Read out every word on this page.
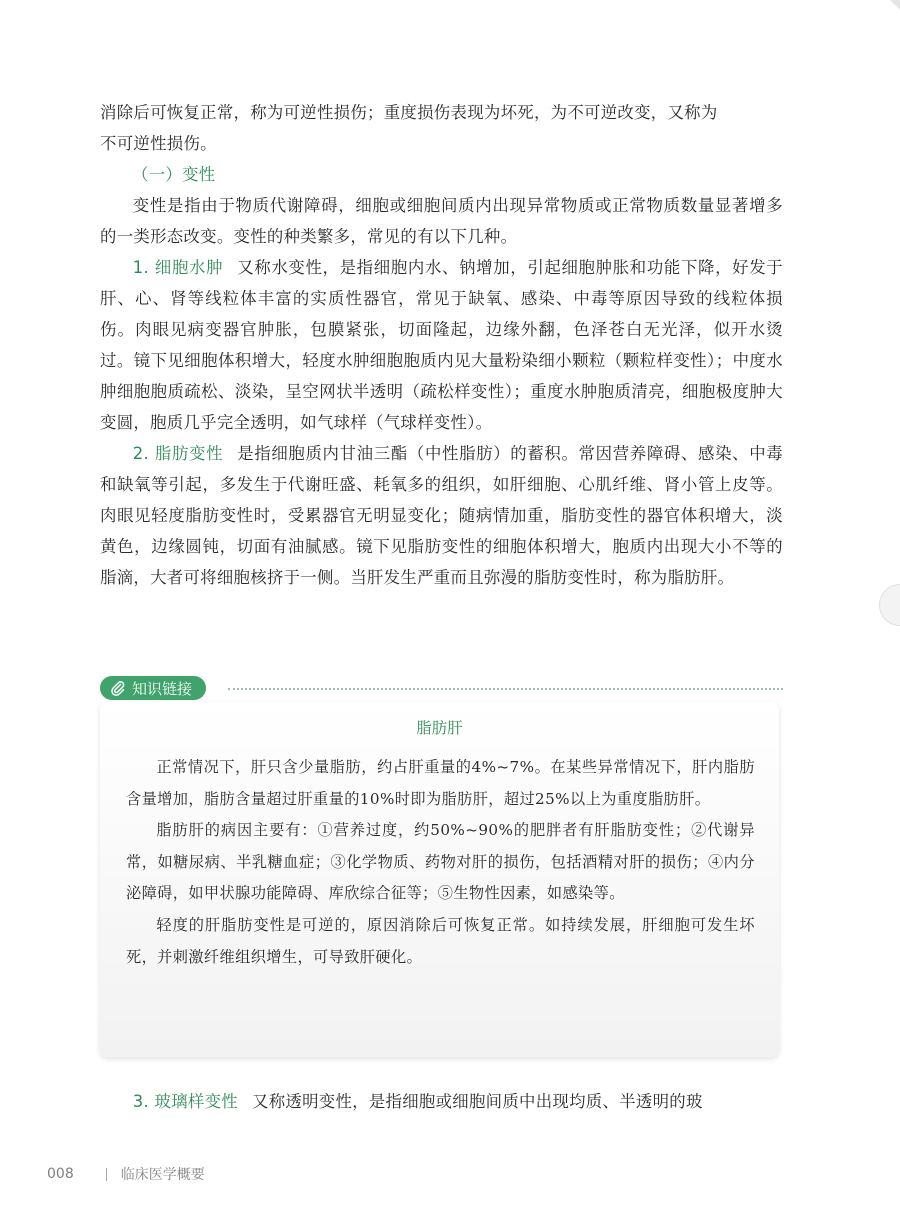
消除后可恢复正常，称为可逆性损伤；重度损伤表现为坏死，为不可逆改变，又称为

不可逆性损伤。

（一）变性

变性是指由于物质代谢障碍，细胞或细胞间质内出现异常物质或正常物质数量显著增多的一类形态改变。变性的种类繁多，常见的有以下几种。

1. 细胞水肿 又称水变性，是指细胞内水、钠增加，引起细胞肿胀和功能下降，好发于肝、心、肾等线粒体丰富的实质性器官，常见于缺氧、感染、中毒等原因导致的线粒体损伤。肉眼见病变器官肿胀，包膜紧张，切面隆起，边缘外翻，色泽苍白无光泽，似开水烫过。镜下见细胞体积增大，轻度水肿细胞胞质内见大量粉染细小颗粒（颗粒样变性）；中度水肿细胞胞质疏松、淡染，呈空网状半透明（疏松样变性）；重度水肿胞质清亮，细胞极度肿大变圆，胞质几乎完全透明，如气球样（气球样变性）。

2. 脂肪变性 是指细胞质内甘油三酯（中性脂肪）的蓄积。常因营养障碍、感染、中毒和缺氧等引起，多发生于代谢旺盛、耗氧多的组织，如肝细胞、心肌纤维、肾小管上皮等。肉眼见轻度脂肪变性时，受累器官无明显变化；随病情加重，脂肪变性的器官体积增大，淡黄色，边缘圆钝，切面有油腻感。镜下见脂肪变性的细胞体积增大，胞质内出现大小不等的脂滴，大者可将细胞核挤于一侧。当肝发生严重而且弥漫的脂肪变性时，称为脂肪肝。

知识链接
脂肪肝

正常情况下，肝只含少量脂肪，约占肝重量的4%~7%。在某些异常情况下，肝内脂肪含量增加，脂肪含量超过肝重量的10%时即为脂肪肝，超过25%以上为重度脂肪肝。

脂肪肝的病因主要有：①营养过度，约50%~90%的肥胖者有肝脂肪变性；②代谢异常，如糖尿病、半乳糖血症；③化学物质、药物对肝的损伤，包括酒精对肝的损伤；④内分泌障碍，如甲状腺功能障碍、库欣综合征等；⑤生物性因素，如感染等。

轻度的肝脂肪变性是可逆的，原因消除后可恢复正常。如持续发展，肝细胞可发生坏死，并刺激纤维组织增生，可导致肝硬化。

3. 玻璃样变性 又称透明变性，是指细胞或细胞间质中出现均质、半透明的玻

008	临床医学概要
